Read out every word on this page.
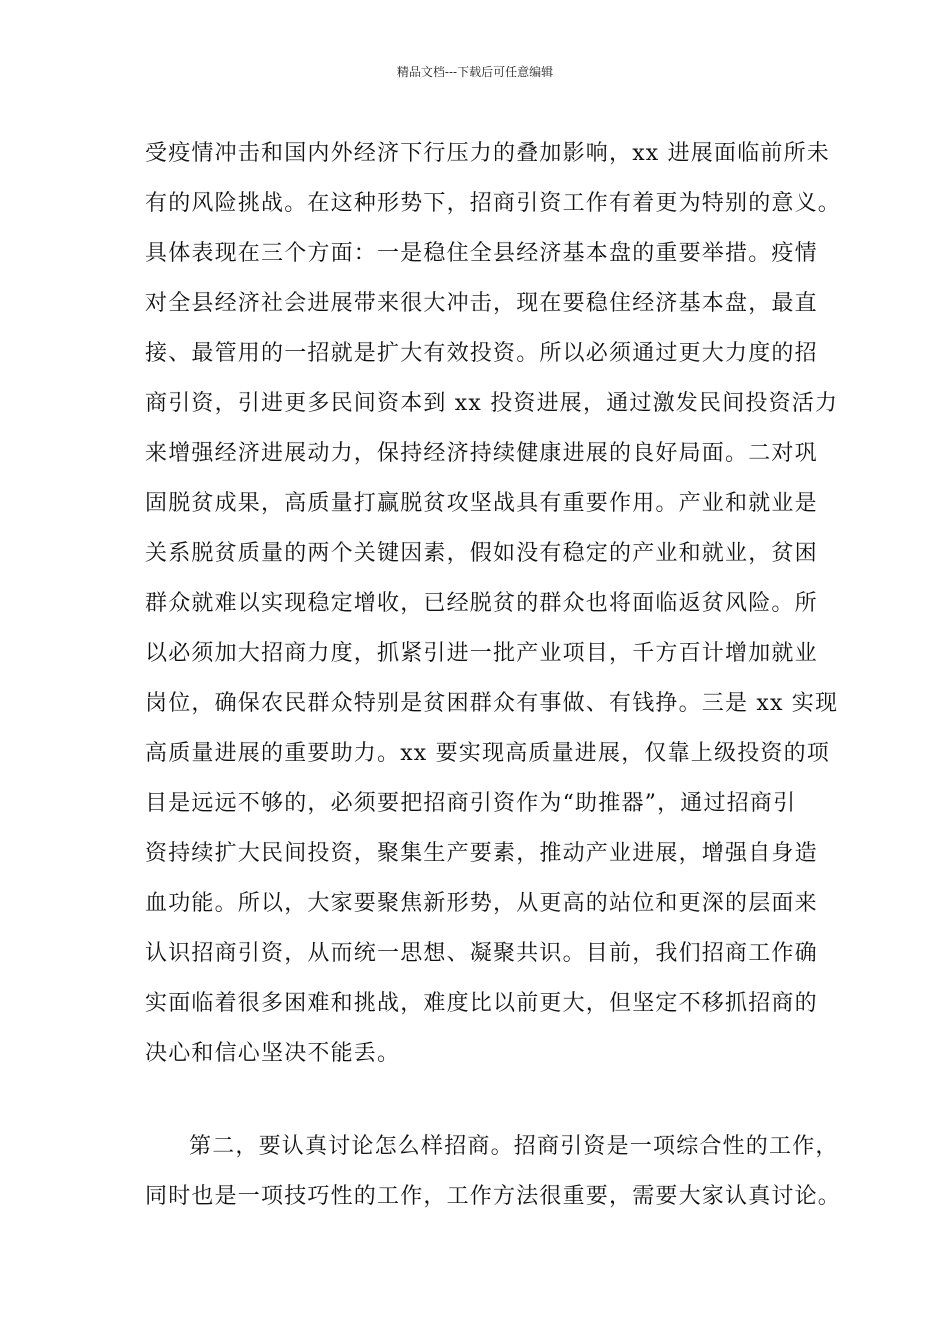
精品文档---下载后可任意编辑
受疫情冲击和国内外经济下行压力的叠加影响，xx 进展面临前所未
有的风险挑战。在这种形势下，招商引资工作有着更为特别的意义。
具体表现在三个方面：一是稳住全县经济基本盘的重要举措。疫情
对全县经济社会进展带来很大冲击，现在要稳住经济基本盘，最直
接、最管用的一招就是扩大有效投资。所以必须通过更大力度的招
商引资，引进更多民间资本到 xx 投资进展，通过激发民间投资活力
来增强经济进展动力，保持经济持续健康进展的良好局面。二对巩
固脱贫成果，高质量打赢脱贫攻坚战具有重要作用。产业和就业是
关系脱贫质量的两个关键因素，假如没有稳定的产业和就业，贫困
群众就难以实现稳定增收，已经脱贫的群众也将面临返贫风险。所
以必须加大招商力度，抓紧引进一批产业项目，千方百计增加就业
岗位，确保农民群众特别是贫困群众有事做、有钱挣。三是 xx 实现
高质量进展的重要助力。xx 要实现高质量进展，仅靠上级投资的项
目是远远不够的，必须要把招商引资作为“助推器”，通过招商引
资持续扩大民间投资，聚集生产要素，推动产业进展，增强自身造
血功能。所以，大家要聚焦新形势，从更高的站位和更深的层面来
认识招商引资，从而统一思想、凝聚共识。目前，我们招商工作确
实面临着很多困难和挑战，难度比以前更大，但坚定不移抓招商的
决心和信心坚决不能丢。
第二，要认真讨论怎么样招商。招商引资是一项综合性的工作，
同时也是一项技巧性的工作，工作方法很重要，需要大家认真讨论。
